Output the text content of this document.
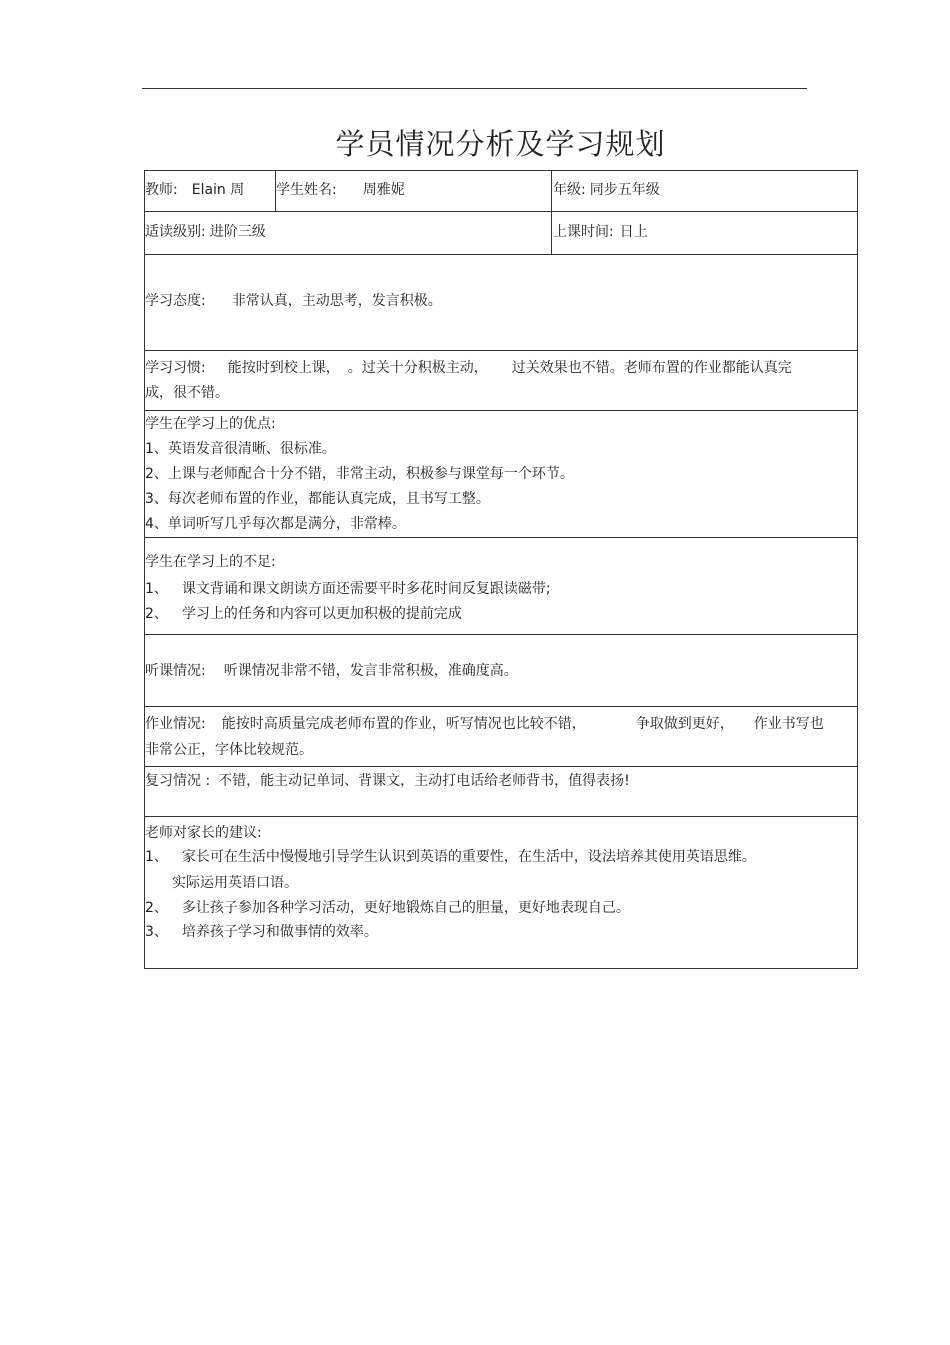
学员情况分析及学习规划
教师: Elain 周 学生姓名: 周雅妮	年级: 同步五年级
适读级别: 进阶三级	上课时间: 日上
学习态度: 非常认真，主动思考，发言积极。
学习习惯: 能按时到校上课， 。过关十分积极主动， 过关效果也不错。老师布置的作业都能认真完
成，很不错。
学生在学习上的优点:
1、英语发音很清晰、很标准。
2、上课与老师配合十分不错，非常主动，积极参与课堂每一个环节。
3、每次老师布置的作业，都能认真完成，且书写工整。
4、单词听写几乎每次都是满分，非常棒。
学生在学习上的不足:
1、 课文背诵和课文朗读方面还需要平时多花时间反复跟读磁带;
2、 学习上的任务和内容可以更加积极的提前完成
听课情况: 听课情况非常不错，发言非常积极，准确度高。
作业情况: 能按时高质量完成老师布置的作业，听写情况也比较不错，	争取做到更好， 作业书写也
非常公正，字体比较规范。
复习情况 : 不错，能主动记单词、背课文，主动打电话给老师背书，值得表扬!
老师对家长的建议:
1、 家长可在生活中慢慢地引导学生认识到英语的重要性，在生活中，设法培养其使用英语思维。
实际运用英语口语。
2、 多让孩子参加各种学习活动，更好地锻炼自己的胆量，更好地表现自己。
3、 培养孩子学习和做事情的效率。
